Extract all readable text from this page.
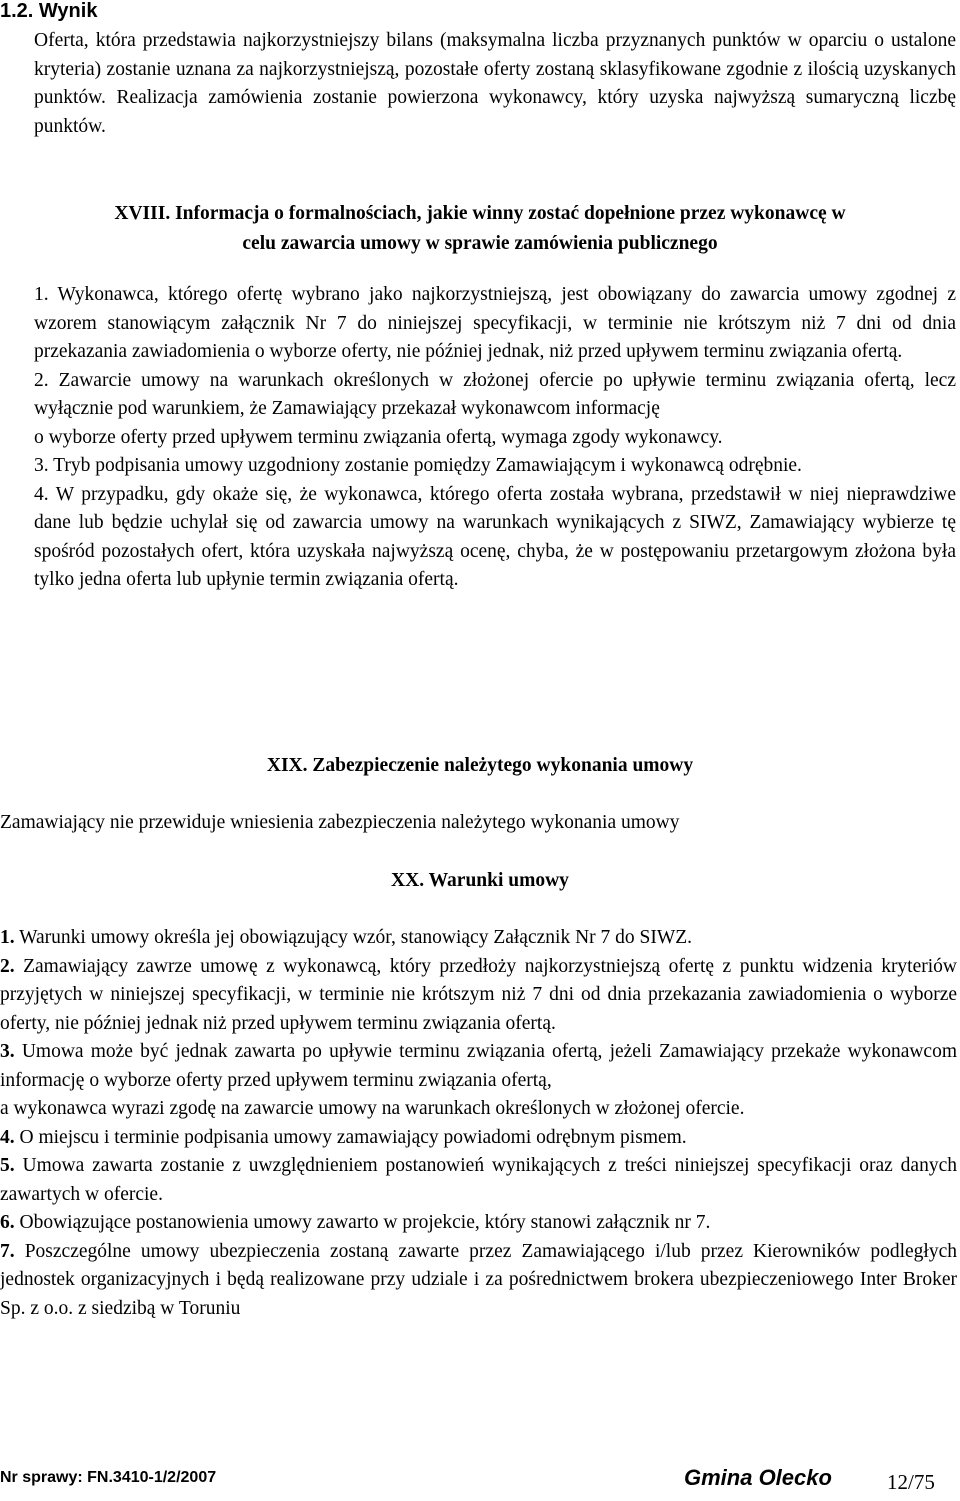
1.2. Wynik
Oferta, która przedstawia najkorzystniejszy bilans (maksymalna liczba przyznanych punktów w oparciu o ustalone kryteria) zostanie uznana za najkorzystniejszą, pozostałe oferty zostaną sklasyfikowane zgodnie z ilością uzyskanych punktów. Realizacja zamówienia zostanie powierzona wykonawcy, który uzyska najwyższą sumaryczną liczbę punktów.
XVIII. Informacja o formalnościach, jakie winny zostać dopełnione przez wykonawcę w
celu zawarcia umowy w sprawie zamówienia publicznego
1. Wykonawca, którego ofertę wybrano jako najkorzystniejszą, jest obowiązany do zawarcia umowy zgodnej z wzorem stanowiącym załącznik Nr 7 do niniejszej specyfikacji, w terminie nie krótszym niż 7 dni od dnia przekazania zawiadomienia o wyborze oferty, nie później jednak, niż przed upływem terminu związania ofertą.
2. Zawarcie umowy na warunkach określonych w złożonej ofercie po upływie terminu związania ofertą, lecz wyłącznie pod warunkiem, że Zamawiający przekazał wykonawcom informację
o wyborze oferty przed upływem terminu związania ofertą, wymaga zgody wykonawcy.
3. Tryb podpisania umowy uzgodniony zostanie pomiędzy Zamawiającym i wykonawcą odrębnie.
4. W przypadku, gdy okaże się, że wykonawca, którego oferta została wybrana, przedstawił w niej nieprawdziwe dane lub będzie uchylał się od zawarcia umowy na warunkach wynikających z SIWZ, Zamawiający wybierze tę spośród pozostałych ofert, która uzyskała najwyższą ocenę, chyba, że w postępowaniu przetargowym złożona była tylko jedna oferta lub upłynie termin związania ofertą.
XIX. Zabezpieczenie należytego wykonania umowy
Zamawiający nie przewiduje wniesienia zabezpieczenia należytego wykonania umowy
XX. Warunki umowy
1. Warunki umowy określa jej obowiązujący wzór, stanowiący Załącznik Nr 7 do SIWZ.
2. Zamawiający zawrze umowę z wykonawcą, który przedłoży najkorzystniejszą ofertę z punktu widzenia kryteriów przyjętych w niniejszej specyfikacji, w terminie nie krótszym niż 7 dni od dnia przekazania zawiadomienia o wyborze oferty, nie później jednak niż przed upływem terminu związania ofertą.
3. Umowa może być jednak zawarta po upływie terminu związania ofertą, jeżeli Zamawiający przekaże wykonawcom informację o wyborze oferty przed upływem terminu związania ofertą,
a wykonawca wyrazi zgodę na zawarcie umowy na warunkach określonych w złożonej ofercie.
4. O miejscu i terminie podpisania umowy zamawiający powiadomi odrębnym pismem.
5. Umowa zawarta zostanie z uwzględnieniem postanowień wynikających z treści niniejszej specyfikacji oraz danych zawartych w ofercie.
6. Obowiązujące postanowienia umowy zawarto w projekcie, który stanowi załącznik nr 7.
7. Poszczególne umowy ubezpieczenia zostaną zawarte przez Zamawiającego i/lub przez Kierowników podległych jednostek organizacyjnych i będą realizowane przy udziale i za pośrednictwem brokera ubezpieczeniowego Inter Broker Sp. z o.o. z siedzibą w Toruniu
Nr sprawy: FN.3410-1/2/2007	Gmina Olecko	12/75
